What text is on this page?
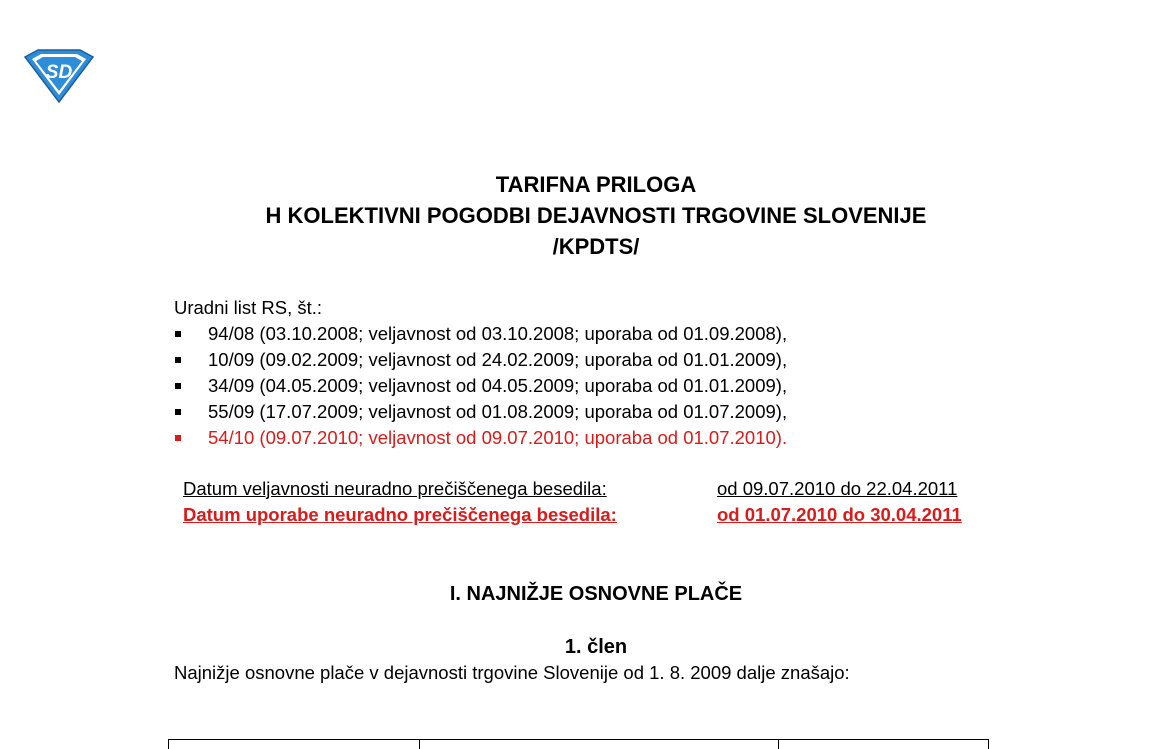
SD
TARIFNA PRILOGA
H KOLEKTIVNI POGODBI DEJAVNOSTI TRGOVINE SLOVENIJE
/KPDTS/
Uradni list RS, št.:
94/08 (03.10.2008; veljavnost od 03.10.2008; uporaba od 01.09.2008),
10/09 (09.02.2009; veljavnost od 24.02.2009; uporaba od 01.01.2009),
34/09 (04.05.2009; veljavnost od 04.05.2009; uporaba od 01.01.2009),
55/09 (17.07.2009; veljavnost od 01.08.2009; uporaba od 01.07.2009),
54/10 (09.07.2010; veljavnost od 09.07.2010; uporaba od 01.07.2010).
Datum veljavnosti neuradno prečiščenega besedila:	od 09.07.2010 do 22.04.2011
Datum uporabe neuradno prečiščenega besedila:	od 01.07.2010 do 30.04.2011
I. NAJNIŽJE OSNOVNE PLAČE
1. člen

Najnižje osnovne plače v dejavnosti trgovine Slovenije od 1. 8. 2009 dalje znašajo:
